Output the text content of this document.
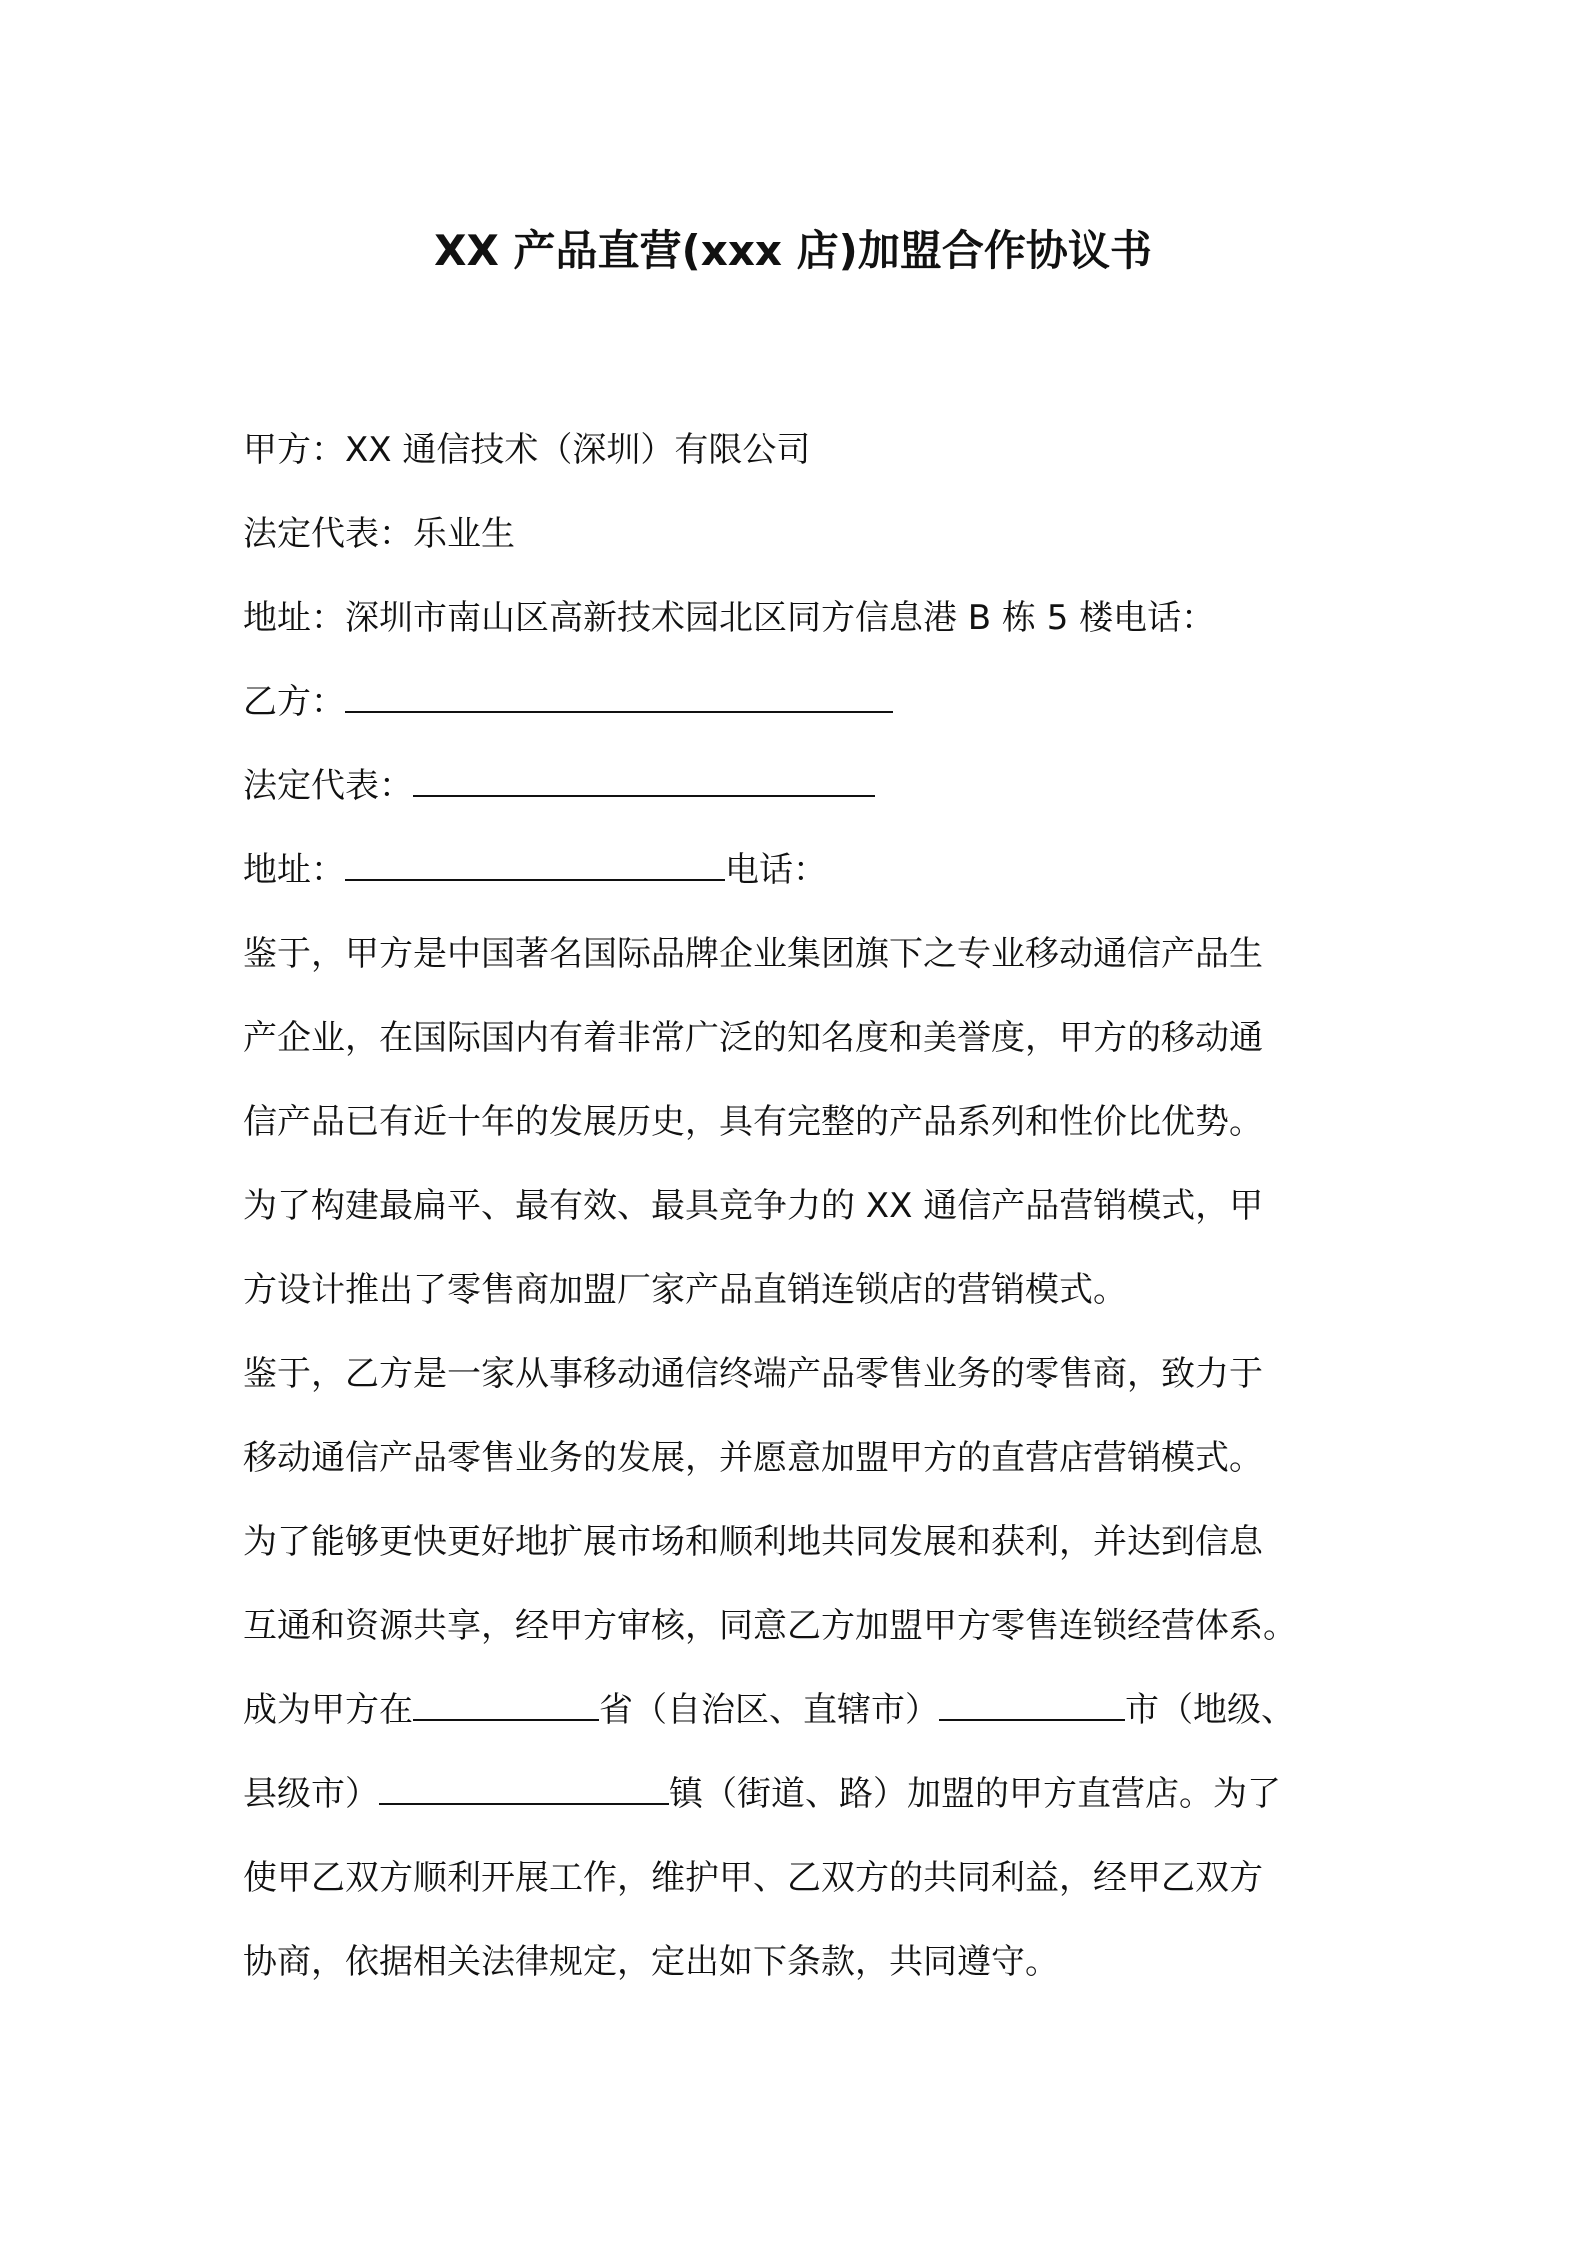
XX 产品直营(xxx 店)加盟合作协议书
甲方：XX 通信技术（深圳）有限公司
法定代表：乐业生
地址：深圳市南山区高新技术园北区同方信息港 B 栋 5 楼电话：
乙方：
法定代表：
地址：	电话：
鉴于，甲方是中国著名国际品牌企业集团旗下之专业移动通信产品生
产企业，在国际国内有着非常广泛的知名度和美誉度，甲方的移动通
信产品已有近十年的发展历史，具有完整的产品系列和性价比优势。
为了构建最扁平、最有效、最具竞争力的 XX 通信产品营销模式，甲
方设计推出了零售商加盟厂家产品直销连锁店的营销模式。
鉴于，乙方是一家从事移动通信终端产品零售业务的零售商，致力于
移动通信产品零售业务的发展，并愿意加盟甲方的直营店营销模式。
为了能够更快更好地扩展市场和顺利地共同发展和获利，并达到信息
互通和资源共享，经甲方审核，同意乙方加盟甲方零售连锁经营体系。
成为甲方在	省（自治区、直辖市）	市（地级、
县级市）	镇（街道、路）加盟的甲方直营店。为了
使甲乙双方顺利开展工作，维护甲、乙双方的共同利益，经甲乙双方
协商，依据相关法律规定，定出如下条款，共同遵守。
